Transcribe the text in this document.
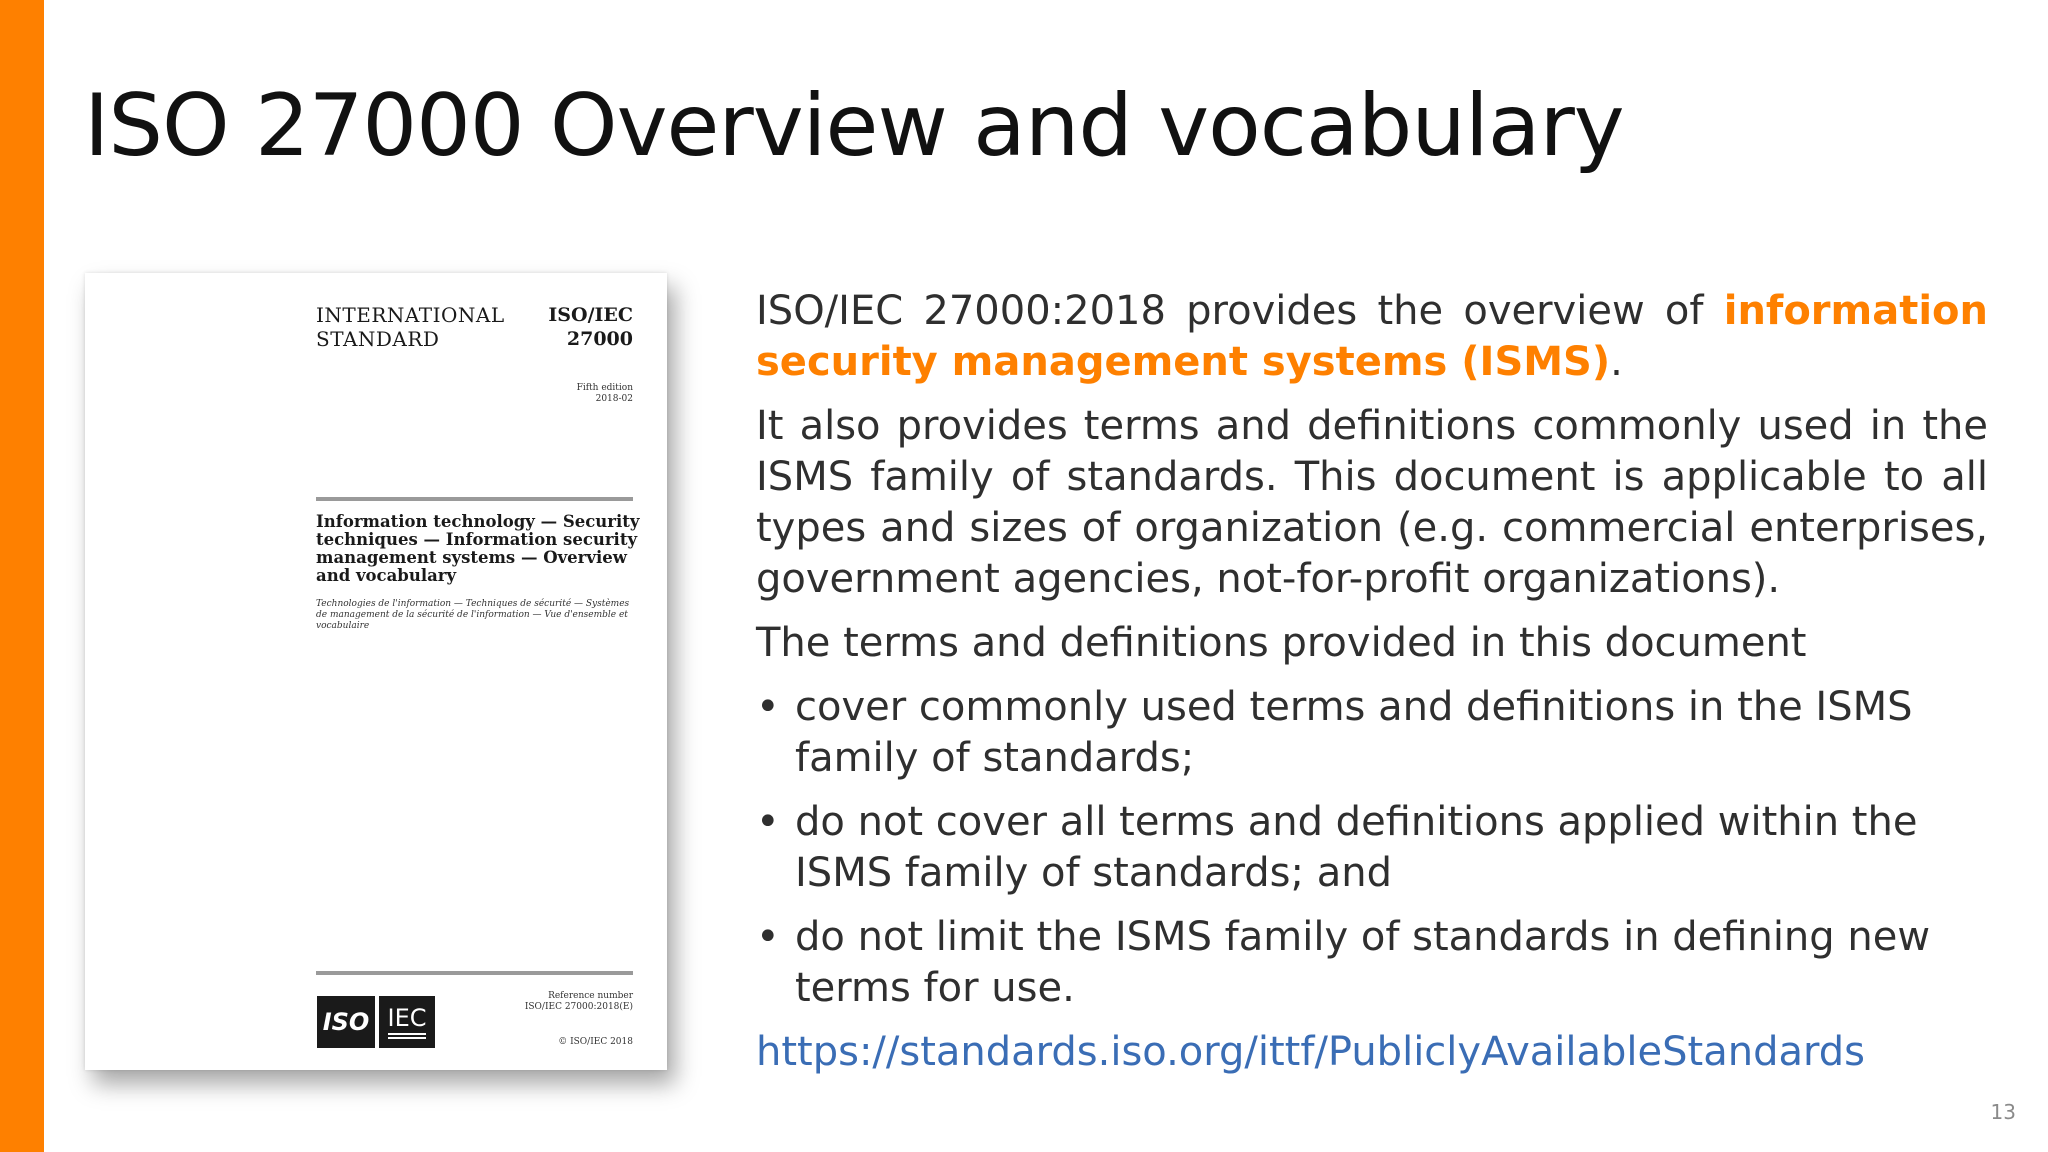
ISO 27000 Overview and vocabulary
INTERNATIONAL
STANDARD
ISO/IEC
27000
Fifth edition
2018-02
Information technology — Security techniques — Information security management systems — Overview and vocabulary
Technologies de l'information — Techniques de sécurité — Systèmes de management de la sécurité de l'information — Vue d'ensemble et vocabulaire
ISO IEC
Reference number
ISO/IEC 27000:2018(E)
© ISO/IEC 2018

ISO/IEC 27000:2018 provides the overview of information security management systems (ISMS).

It also provides terms and definitions commonly used in the ISMS family of standards. This document is applicable to all types and sizes of organization (e.g. commercial enterprises, government agencies, not-for-profit organizations).

The terms and definitions provided in this document

• cover commonly used terms and definitions in the ISMS family of standards;
• do not cover all terms and definitions applied within the ISMS family of standards; and
• do not limit the ISMS family of standards in defining new terms for use.

https://standards.iso.org/ittf/PubliclyAvailableStandards

13
